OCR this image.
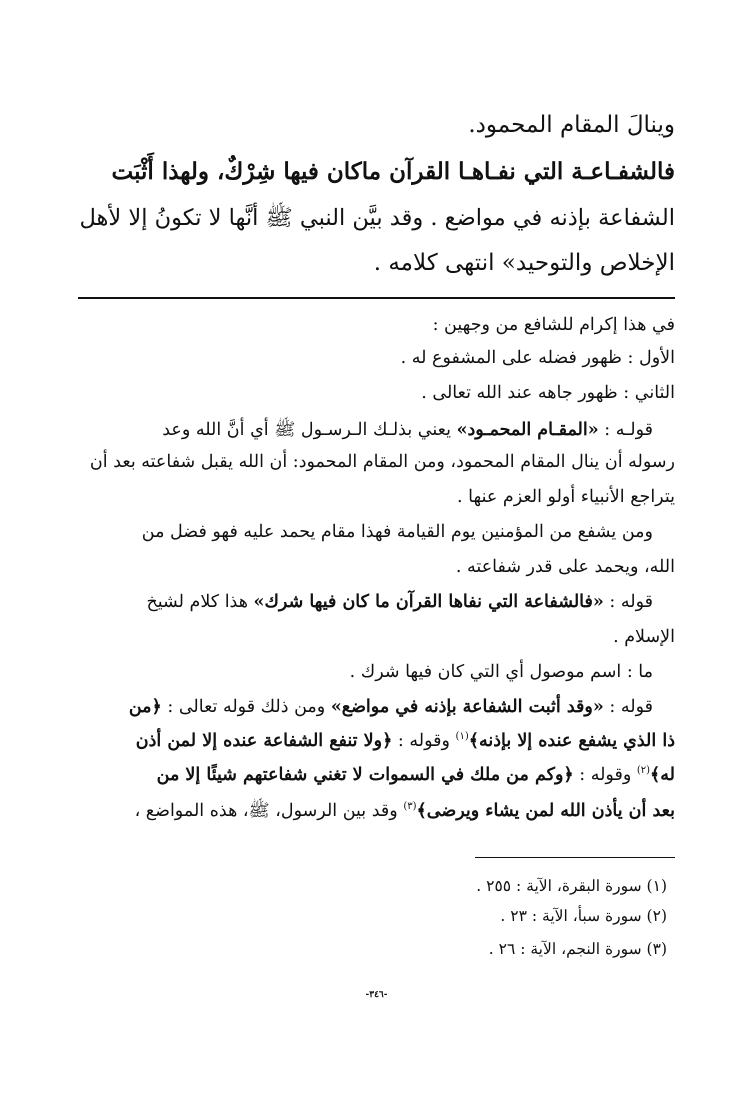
وينالَ المقام المحمود.

فالشفـاعـة التي نفـاهـا القرآن ماكان فيها شِرْكٌ، ولهذا أَثْبَت

الشفاعة بإذنه في مواضع . وقد بيَّن النبي ﷺ أنَّها لا تكونُ إلا لأهل

الإخلاص والتوحيد» انتهى كلامه .

في هذا إكرام للشافع من وجهين :

الأول : ظهور فضله على المشفوع له .

الثاني : ظهور جاهه عند الله تعالى .

قولـه : «المقـام المحمـود» يعني بذلـك الـرسـول ﷺ أي أنَّ الله وعد

رسوله أن ينال المقام المحمود، ومن المقام المحمود: أن الله يقبل شفاعته بعد أن

يتراجع الأنبياء أولو العزم عنها .

ومن يشفع من المؤمنين يوم القيامة فهذا مقام يحمد عليه فهو فضل من

الله، ويحمد على قدر شفاعته .

قوله : «فالشفاعة التي نفاها القرآن ما كان فيها شرك» هذا كلام لشيخ

الإسلام .

ما : اسم موصول أي التي كان فيها شرك .

قوله : «وقد أثبت الشفاعة بإذنه في مواضع» ومن ذلك قوله تعالى : ﴿من

ذا الذي يشفع عنده إلا بإذنه﴾$^{(١)}$ وقوله : ﴿ولا تنفع الشفاعة عنده إلا لمن أذن

له﴾$^{(٢)}$ وقوله : ﴿وكم من ملك في السموات لا تغني شفاعتهم شيئًا إلا من

بعد أن يأذن الله لمن يشاء ويرضى﴾$^{(٣)}$ وقد بين الرسول، ﷺ، هذه المواضع ،

(١) سورة البقرة، الآية : ٢٥٥ .

(٢) سورة سبأ، الآية : ٢٣ .

(٣) سورة النجم، الآية : ٢٦ .

-٣٤٦-
